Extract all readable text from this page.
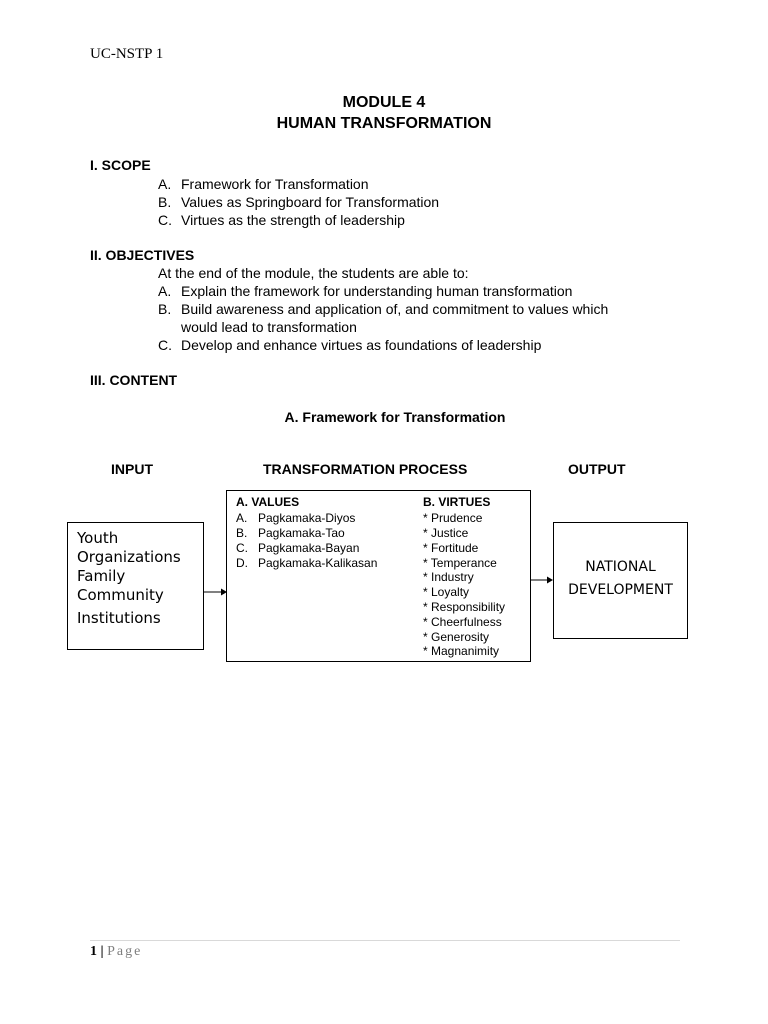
UC-NSTP 1
MODULE 4
HUMAN TRANSFORMATION
I. SCOPE
A. Framework for Transformation
B. Values as Springboard for Transformation
C. Virtues as the strength of leadership
II. OBJECTIVES
At the end of the module, the students are able to:
A. Explain the framework for understanding human transformation
B. Build awareness and application of, and commitment to values which
would lead to transformation
C. Develop and enhance virtues as foundations of leadership
III. CONTENT
A. Framework for Transformation
INPUT	TRANSFORMATION PROCESS	OUTPUT
Youth
Organizations
Family
Community
Institutions
A. VALUES
A. Pagkamaka-Diyos
B. Pagkamaka-Tao
C. Pagkamaka-Bayan
D. Pagkamaka-Kalikasan
B. VIRTUES
* Prudence
* Justice
* Fortitude
* Temperance
* Industry
* Loyalty
* Responsibility
* Cheerfulness
* Generosity
* Magnanimity
NATIONAL
DEVELOPMENT
1 | Page
